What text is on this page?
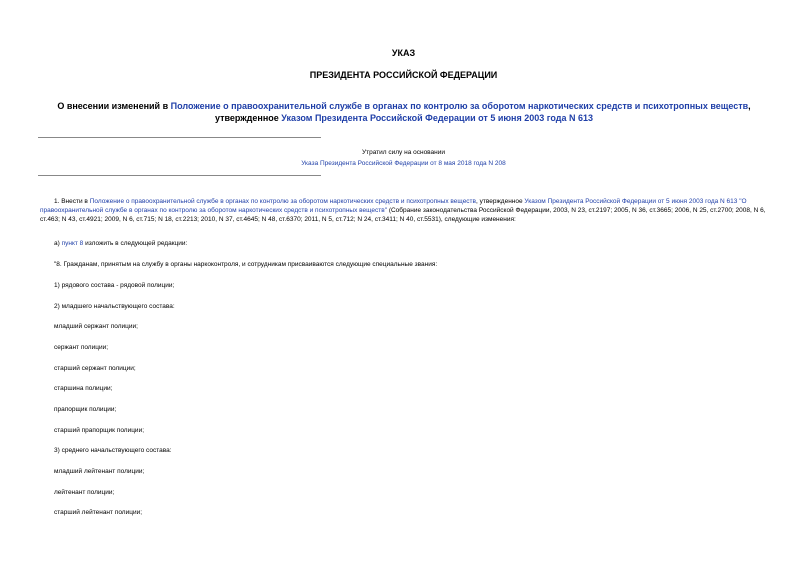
УКАЗ
ПРЕЗИДЕНТА РОССИЙСКОЙ ФЕДЕРАЦИИ
О внесении изменений в Положение о правоохранительной службе в органах по контролю за оборотом наркотических средств и психотропных веществ, утвержденное Указом Президента Российской Федерации от 5 июня 2003 года N 613
Утратил силу на основании
Указа Президента Российской Федерации от 8 мая 2018 года N 208
1. Внести в Положение о правоохранительной службе в органах по контролю за оборотом наркотических средств и психотропных веществ, утвержденное Указом Президента Российской Федерации от 5 июня 2003 года N 613 "О правоохранительной службе в органах по контролю за оборотом наркотических средств и психотропных веществ" (Собрание законодательства Российской Федерации, 2003, N 23, ст.2197; 2005, N 36, ст.3665; 2006, N 25, ст.2700; 2008, N 6, ст.463; N 43, ст.4921; 2009, N 6, ст.715; N 18, ст.2213; 2010, N 37, ст.4645; N 48, ст.6370; 2011, N 5, ст.712; N 24, ст.3411; N 40, ст.5531), следующие изменения:
а) пункт 8 изложить в следующей редакции:
"8. Гражданам, принятым на службу в органы наркоконтроля, и сотрудникам присваиваются следующие специальные звания:
1) рядового состава - рядовой полиции;
2) младшего начальствующего состава:
младший сержант полиции;
сержант полиции;
старший сержант полиции;
старшина полиции;
прапорщик полиции;
старший прапорщик полиции;
3) среднего начальствующего состава:
младший лейтенант полиции;
лейтенант полиции;
старший лейтенант полиции;
